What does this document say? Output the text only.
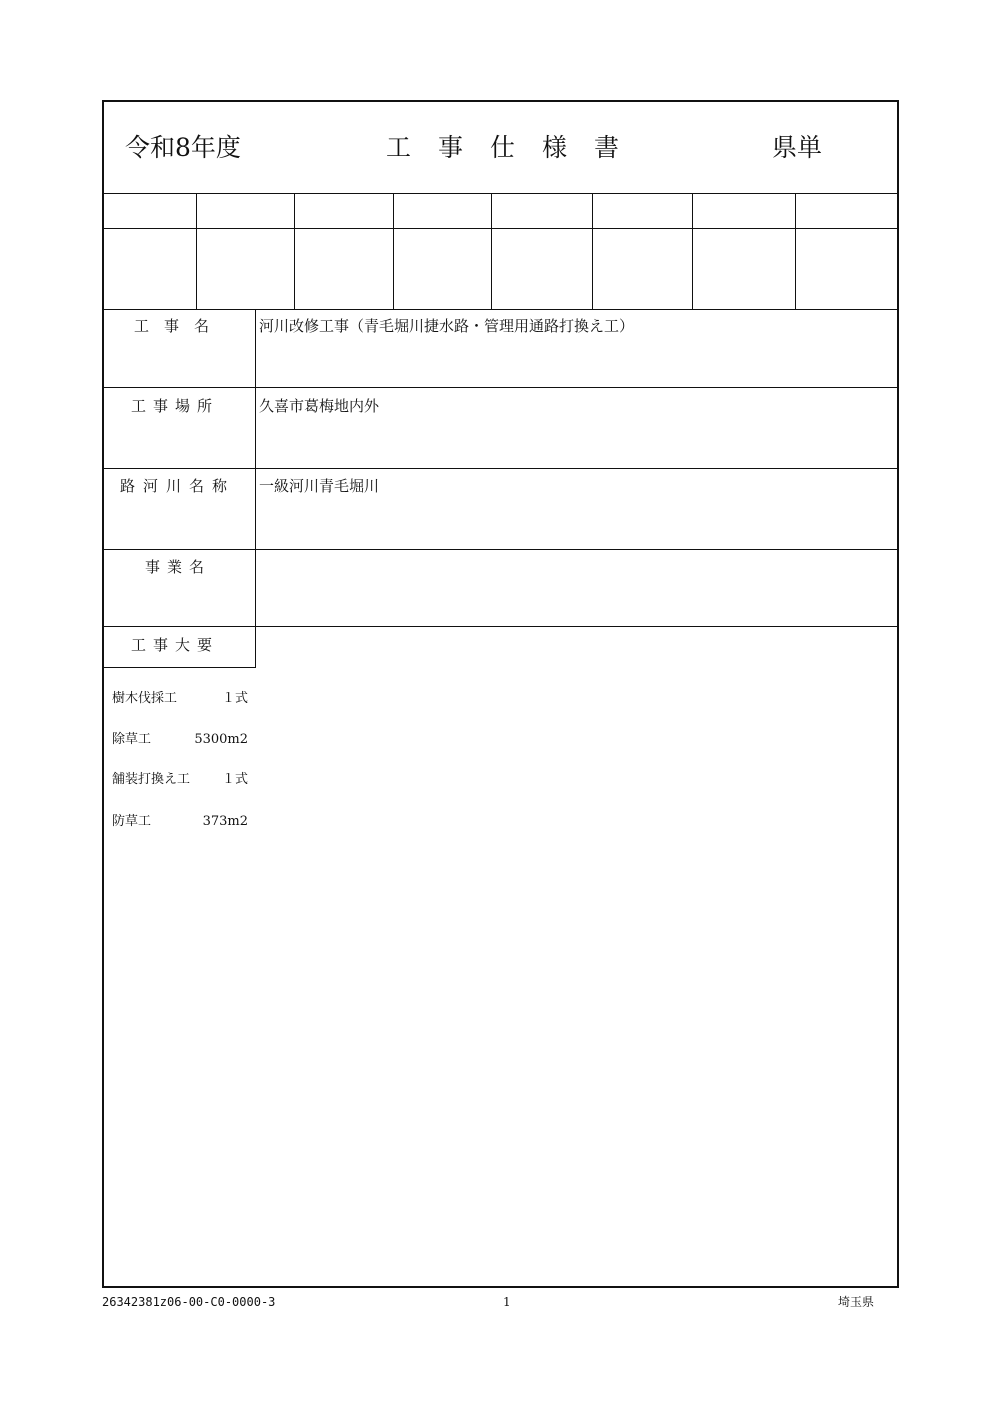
令和8年度	工　事　仕　様　書	県単
工　事　名	河川改修工事（青毛堀川捷水路・管理用通路打換え工）
工事場所	久喜市葛梅地内外
路河川名称 一級河川青毛堀川
事業名
工事大要
樹木伐採工	１式
除草工	5300m2
舗装打換え工 １式
防草工	373m2
26342381z06-00-C0-0000-3	1	埼玉県
